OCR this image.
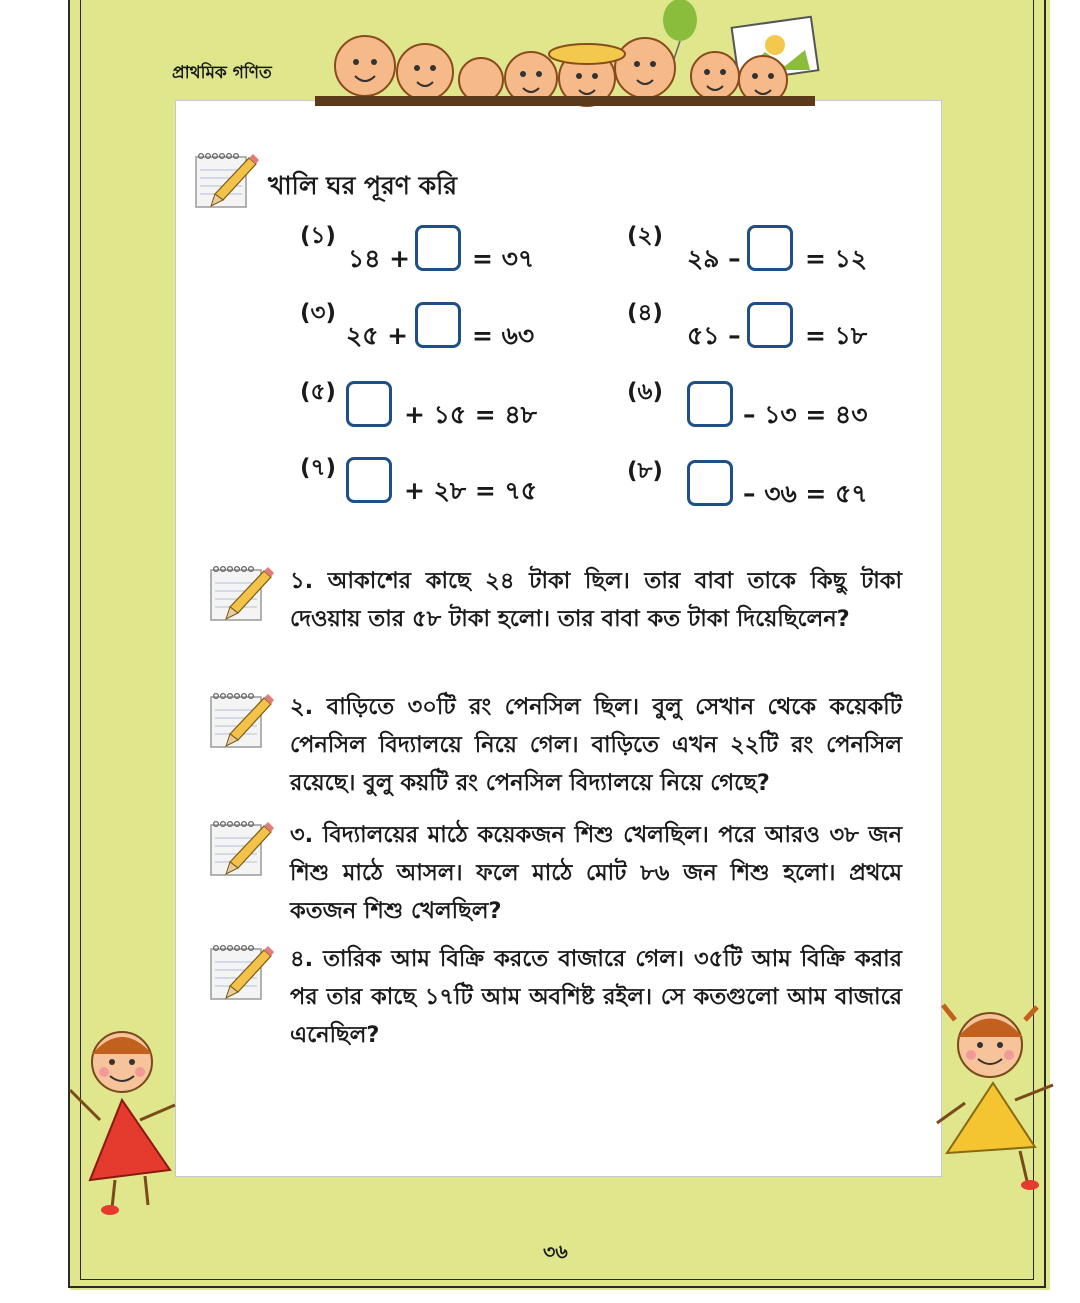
প্রাথমিক গণিত
খালি ঘর পূরণ করি
(১)
১৪ + = ৩৭
(২)
২৯ –	= ১২
(৩)
২৫ +	= ৬৩
(৪)
৫১ –	= ১৮
(৫)
+ ১৫ = ৪৮
(৬)
– ১৩ = ৪৩
(৭)
+ ২৮ = ৭৫
(৮)
– ৩৬ = ৫৭
১. আকাশের কাছে ২৪ টাকা ছিল। তার বাবা তাকে কিছু টাকা দেওয়ায় তার ৫৮ টাকা হলো। তার বাবা কত টাকা দিয়েছিলেন?
২. বাড়িতে ৩০টি রং পেনসিল ছিল। বুলু সেখান থেকে কয়েকটি পেনসিল বিদ্যালয়ে নিয়ে গেল। বাড়িতে এখন ২২টি রং পেনসিল রয়েছে। বুলু কয়টি রং পেনসিল বিদ্যালয়ে নিয়ে গেছে?
৩. বিদ্যালয়ের মাঠে কয়েকজন শিশু খেলছিল। পরে আরও ৩৮ জন শিশু মাঠে আসল। ফলে মাঠে মোট ৮৬ জন শিশু হলো। প্রথমে কতজন শিশু খেলছিল?
৪. তারিক আম বিক্রি করতে বাজারে গেল। ৩৫টি আম বিক্রি করার পর তার কাছে ১৭টি আম অবশিষ্ট রইল। সে কতগুলো আম বাজারে এনেছিল?
৩৬
